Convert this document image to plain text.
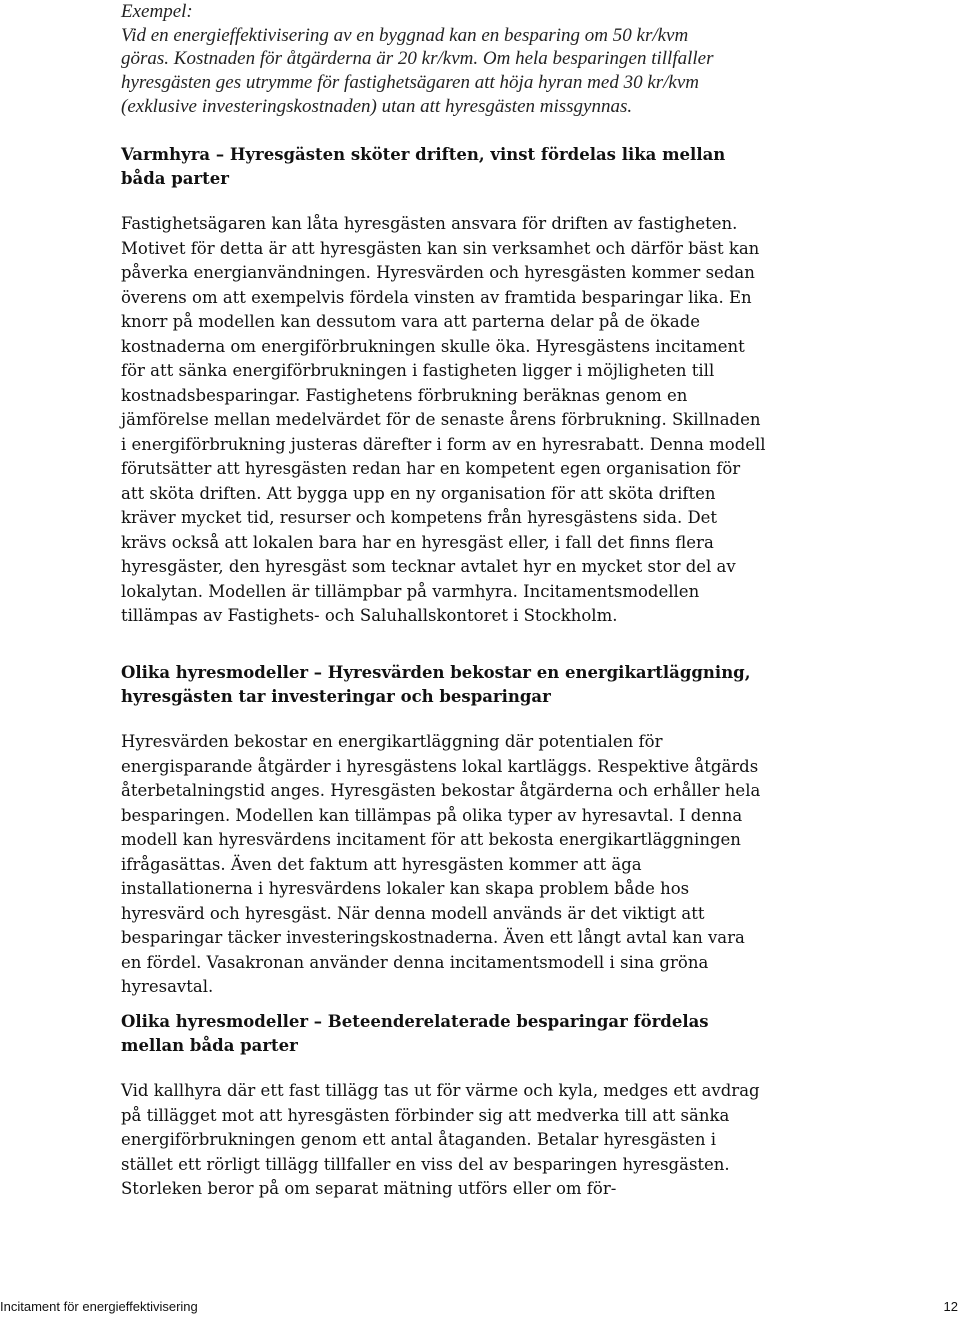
Exempel:

Vid en energieffektivisering av en byggnad kan en besparing om 50 kr/kvm

göras. Kostnaden för åtgärderna är 20 kr/kvm. Om hela besparingen tillfaller

hyresgästen ges utrymme för fastighetsägaren att höja hyran med 30 kr/kvm

(exklusive investeringskostnaden) utan att hyresgästen missgynnas.

Varmhyra – Hyresgästen sköter driften, vinst fördelas lika mellan båda parter

Fastighetsägaren kan låta hyresgästen ansvara för driften av fastigheten. Motivet för detta är att hyresgästen kan sin verksamhet och därför bäst kan påverka energianvändningen. Hyresvärden och hyresgästen kommer sedan överens om att exempelvis fördela vinsten av framtida besparingar lika. En knorr på modellen kan dessutom vara att parterna delar på de ökade kostnaderna om energiförbrukningen skulle öka. Hyresgästens incitament för att sänka energiförbrukningen i fastigheten ligger i möjligheten till kostnadsbesparingar. Fastighetens förbrukning beräknas genom en jämförelse mellan medelvärdet för de senaste årens förbrukning. Skillnaden i energiförbrukning justeras därefter i form av en hyresrabatt. Denna modell förutsätter att hyresgästen redan har en kompetent egen organisation för att sköta driften. Att bygga upp en ny organisation för att sköta driften kräver mycket tid, resurser och kompetens från hyresgästens sida. Det krävs också att lokalen bara har en hyresgäst eller, i fall det finns flera hyresgäster, den hyresgäst som tecknar avtalet hyr en mycket stor del av lokalytan. Modellen är tillämpbar på varmhyra. Incitamentsmodellen tillämpas av Fastighets- och Saluhallskontoret i Stockholm.

Olika hyresmodeller – Hyresvärden bekostar en energikartläggning, hyresgästen tar investeringar och besparingar

Hyresvärden bekostar en energikartläggning där potentialen för energisparande åtgärder i hyresgästens lokal kartläggs. Respektive åtgärds återbetalningstid anges. Hyresgästen bekostar åtgärderna och erhåller hela besparingen. Modellen kan tillämpas på olika typer av hyresavtal. I denna modell kan hyresvärdens incitament för att bekosta energikartläggningen ifrågasättas. Även det faktum att hyresgästen kommer att äga installationerna i hyresvärdens lokaler kan skapa problem både hos hyresvärd och hyresgäst. När denna modell används är det viktigt att besparingar täcker investeringskostnaderna. Även ett långt avtal kan vara en fördel. Vasakronan använder denna incitamentsmodell i sina gröna hyresavtal.

Olika hyresmodeller – Beteenderelaterade besparingar fördelas mellan båda parter

Vid kallhyra där ett fast tillägg tas ut för värme och kyla, medges ett avdrag på tillägget mot att hyresgästen förbinder sig att medverka till att sänka energiförbrukningen genom ett antal åtaganden. Betalar hyresgästen i stället ett rörligt tillägg tillfaller en viss del av besparingen hyresgästen. Storleken beror på om separat mätning utförs eller om för-

Incitament för energieffektivisering	12
